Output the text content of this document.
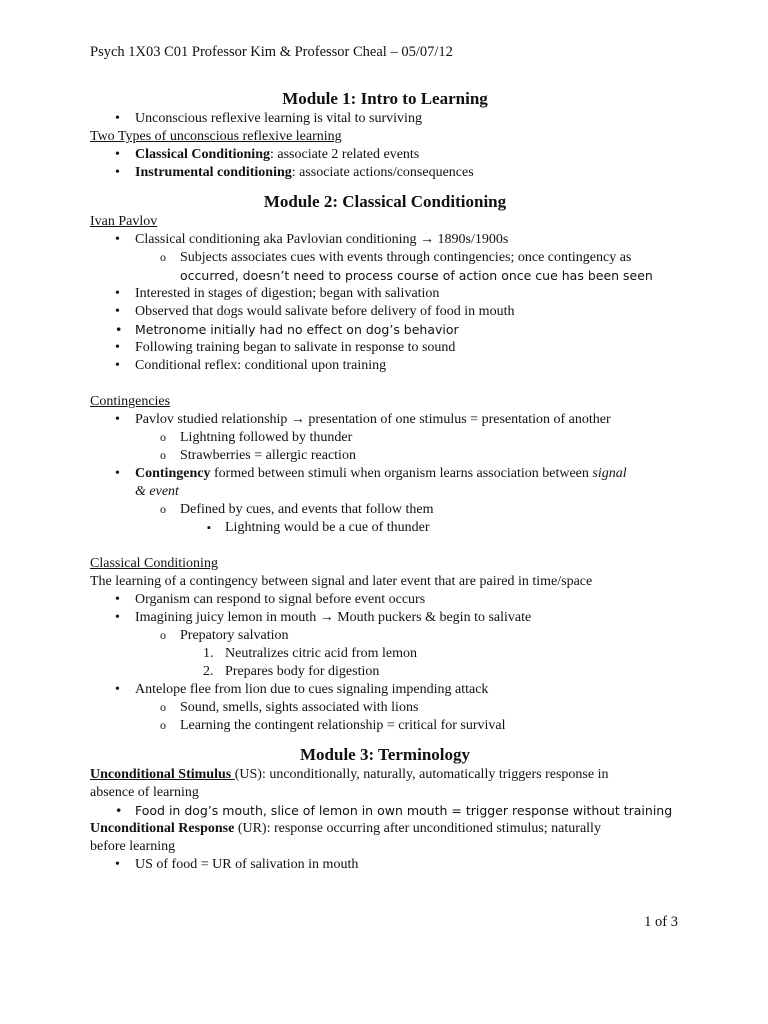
Psych 1X03 C01 Professor Kim & Professor Cheal – 05/07/12
Module 1: Intro to Learning
• Unconscious reflexive learning is vital to surviving

Two Types of unconscious reflexive learning

• Classical Conditioning: associate 2 related events
• Instrumental conditioning: associate actions/consequences
Module 2: Classical Conditioning

Ivan Pavlov

• Classical conditioning aka Pavlovian conditioning → 1890s/1900s
o Subjects associates cues with events through contingencies; once contingency as
occurred, doesn’t need to process course of action once cue has been seen
• Interested in stages of digestion; began with salivation
• Observed that dogs would salivate before delivery of food in mouth
• Metronome initially had no effect on dog’s behavior
• Following training began to salivate in response to sound
• Conditional reflex: conditional upon training

Contingencies

• Pavlov studied relationship → presentation of one stimulus = presentation of another
o Lightning followed by thunder
o Strawberries = allergic reaction
• Contingency formed between stimuli when organism learns association between signal
& event
o Defined by cues, and events that follow them
▪ Lightning would be a cue of thunder

Classical Conditioning

The learning of a contingency between signal and later event that are paired in time/space

• Organism can respond to signal before event occurs
• Imagining juicy lemon in mouth → Mouth puckers & begin to salivate
o Prepatory salvation
1. Neutralizes citric acid from lemon
2. Prepares body for digestion
• Antelope flee from lion due to cues signaling impending attack
o Sound, smells, sights associated with lions
o Learning the contingent relationship = critical for survival
Module 3: Terminology

Unconditional Stimulus (US): unconditionally, naturally, automatically triggers response in

absence of learning

• Food in dog’s mouth, slice of lemon in own mouth = trigger response without training

Unconditional Response (UR): response occurring after unconditioned stimulus; naturally

before learning

• US of food = UR of salivation in mouth
1 of 3
